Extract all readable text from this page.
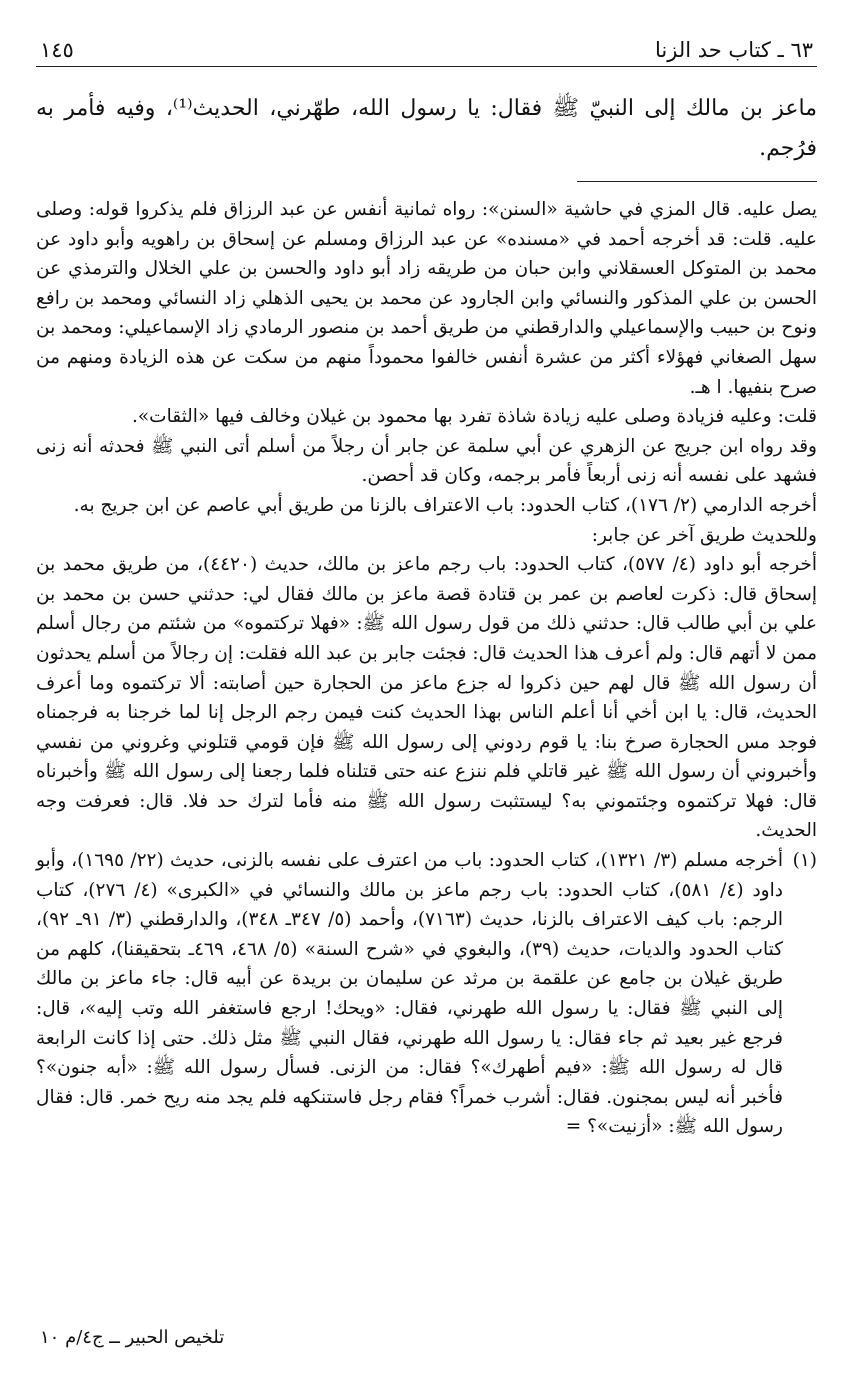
٦٣ ـ كتاب حد الزنا
١٤٥
ماعز بن مالك إلى النبيّ ﷺ فقال: يا رسول الله، طهّرني، الحديث⁽¹⁾، وفيه فأمر به فرُجم.

يصل عليه. قال المزي في حاشية «السنن»: رواه ثمانية أنفس عن عبد الرزاق فلم يذكروا قوله: وصلى عليه. قلت: قد أخرجه أحمد في «مسنده» عن عبد الرزاق ومسلم عن إسحاق بن راهويه وأبو داود عن محمد بن المتوكل العسقلاني وابن حبان من طريقه زاد أبو داود والحسن بن علي الخلال والترمذي عن الحسن بن علي المذكور والنسائي وابن الجارود عن محمد بن يحيى الذهلي زاد النسائي ومحمد بن رافع ونوح بن حبيب والإسماعيلي والدارقطني من طريق أحمد بن منصور الرمادي زاد الإسماعيلي: ومحمد بن سهل الصغاني فهؤلاء أكثر من عشرة أنفس خالفوا محموداً منهم من سكت عن هذه الزيادة ومنهم من صرح بنفيها. ا هـ.

قلت: وعليه فزيادة وصلى عليه زيادة شاذة تفرد بها محمود بن غيلان وخالف فيها «الثقات».

وقد رواه ابن جريج عن الزهري عن أبي سلمة عن جابر أن رجلاً من أسلم أتى النبي ﷺ فحدثه أنه زنى فشهد على نفسه أنه زنى أربعاً فأمر برجمه، وكان قد أحصن.

أخرجه الدارمي (٢/ ١٧٦)، كتاب الحدود: باب الاعتراف بالزنا من طريق أبي عاصم عن ابن جريج به.

وللحديث طريق آخر عن جابر:

أخرجه أبو داود (٤/ ٥٧٧)، كتاب الحدود: باب رجم ماعز بن مالك، حديث (٤٤٢٠)، من طريق محمد بن إسحاق قال: ذكرت لعاصم بن عمر بن قتادة قصة ماعز بن مالك فقال لي: حدثني حسن بن محمد بن علي بن أبي طالب قال: حدثني ذلك من قول رسول الله ﷺ: «فهلا تركتموه» من شئتم من رجال أسلم ممن لا أتهم قال: ولم أعرف هذا الحديث قال: فجئت جابر بن عبد الله فقلت: إن رجالاً من أسلم يحدثون أن رسول الله ﷺ قال لهم حين ذكروا له جزع ماعز من الحجارة حين أصابته: ألا تركتموه وما أعرف الحديث، قال: يا ابن أخي أنا أعلم الناس بهذا الحديث كنت فيمن رجم الرجل إنا لما خرجنا به فرجمناه فوجد مس الحجارة صرخ بنا: يا قوم ردوني إلى رسول الله ﷺ فإن قومي قتلوني وغروني من نفسي وأخبروني أن رسول الله ﷺ غير قاتلي فلم ننزع عنه حتى قتلناه فلما رجعنا إلى رسول الله ﷺ وأخبرناه قال: فهلا تركتموه وجئتموني به؟ ليستثبت رسول الله ﷺ منه فأما لترك حد فلا. قال: فعرفت وجه الحديث.

(١)

أخرجه مسلم (٣/ ١٣٢١)، كتاب الحدود: باب من اعترف على نفسه بالزنى، حديث (٢٢/ ١٦٩٥)، وأبو داود (٤/ ٥٨١)، كتاب الحدود: باب رجم ماعز بن مالك والنسائي في «الكبرى» (٤/ ٢٧٦)، كتاب الرجم: باب كيف الاعتراف بالزنا، حديث (٧١٦٣)، وأحمد (٥/ ٣٤٧ـ ٣٤٨)، والدارقطني (٣/ ٩١ـ ٩٢)، كتاب الحدود والديات، حديث (٣٩)، والبغوي في «شرح السنة» (٥/ ٤٦٨، ٤٦٩ـ بتحقيقنا)، كلهم من طريق غيلان بن جامع عن علقمة بن مرثد عن سليمان بن بريدة عن أبيه قال: جاء ماعز بن مالك إلى النبي ﷺ فقال: يا رسول الله طهرني، فقال: «ويحك! ارجع فاستغفر الله وتب إليه»، قال: فرجع غير بعيد ثم جاء فقال: يا رسول الله طهرني، فقال النبي ﷺ مثل ذلك. حتى إذا كانت الرابعة قال له رسول الله ﷺ: «فيم أطهرك»؟ فقال: من الزنى. فسأل رسول الله ﷺ: «أبه جنون»؟ فأخبر أنه ليس بمجنون. فقال: أشرب خمراً؟ فقام رجل فاستنكهه فلم يجد منه ريح خمر. قال: فقال رسول الله ﷺ: «أزنيت»؟ =

تلخيص الحبير ــ ج٤/م ١٠
